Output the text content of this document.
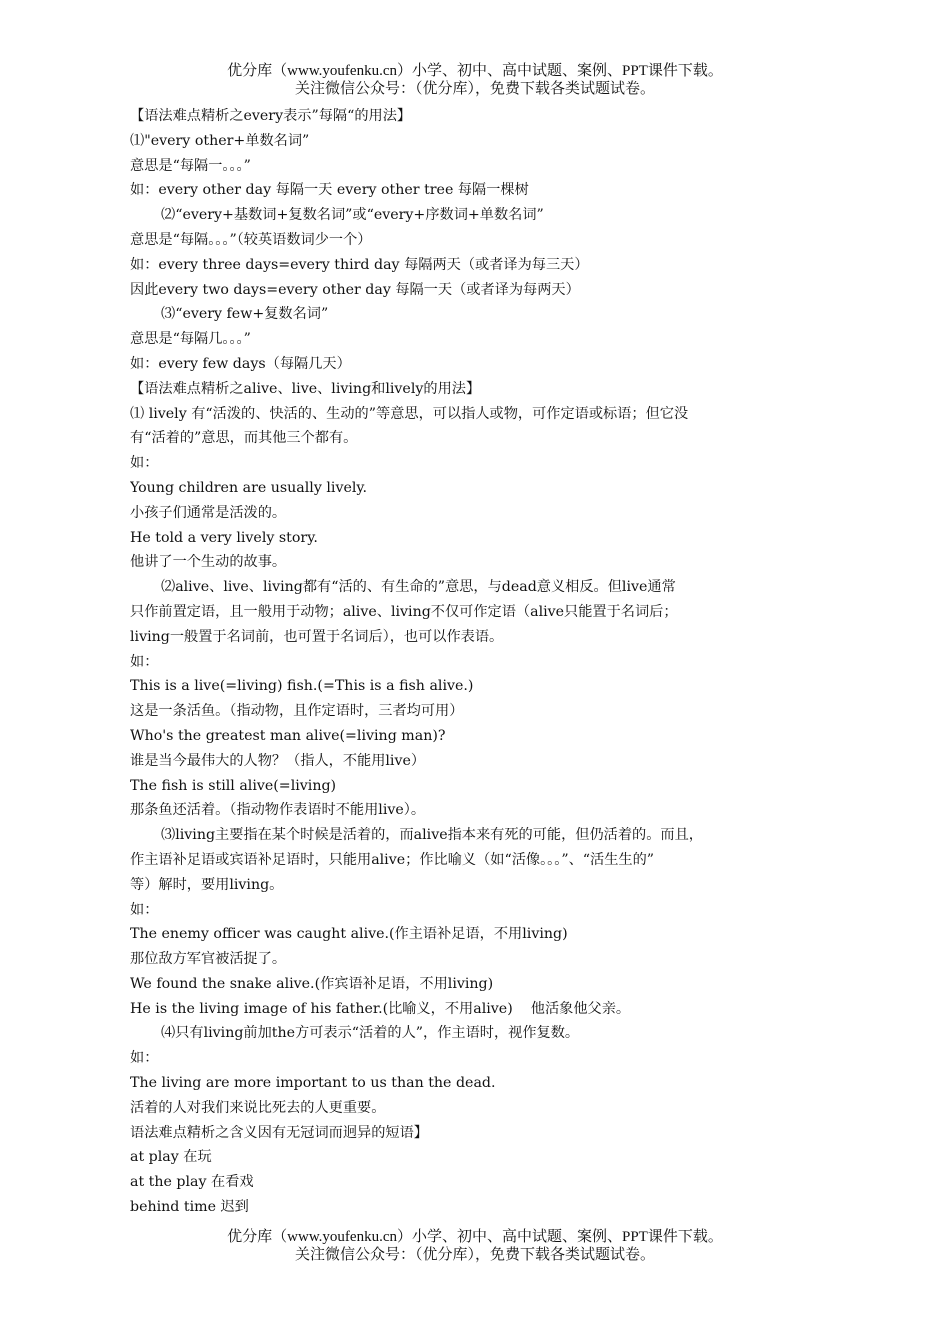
优分库（www.youfenku.cn）小学、初中、高中试题、案例、PPT课件下载。
关注微信公众号：（优分库），免费下载各类试题试卷。
【语法难点精析之every表示”每隔“的用法】
⑴"every other+单数名词”
意思是“每隔一。。。”
如：every other day 每隔一天 every other tree 每隔一棵树
⑵“every+基数词+复数名词”或“every+序数词+单数名词”
意思是“每隔。。。”（较英语数词少一个）
如：every three days=every third day 每隔两天（或者译为每三天）
因此every two days=every other day 每隔一天（或者译为每两天）
⑶“every few+复数名词”
意思是“每隔几。。。”
如：every few days（每隔几天）
【语法难点精析之alive、live、living和lively的用法】
⑴ lively 有“活泼的、快活的、生动的”等意思，可以指人或物，可作定语或标语；但它没
有“活着的”意思，而其他三个都有。
如：
Young children are usually lively.
小孩子们通常是活泼的。
He told a very lively story.
他讲了一个生动的故事。
⑵alive、live、living都有“活的、有生命的”意思，与dead意义相反。但live通常
只作前置定语，且一般用于动物；alive、living不仅可作定语（alive只能置于名词后；
living一般置于名词前，也可置于名词后），也可以作表语。
如：
This is a live(=living) fish.(=This is a fish alive.)
这是一条活鱼。（指动物，且作定语时，三者均可用）
Who's the greatest man alive(=living man)?
谁是当今最伟大的人物？（指人，不能用live）
The fish is still alive(=living)
那条鱼还活着。（指动物作表语时不能用live）。
⑶living主要指在某个时候是活着的，而alive指本来有死的可能，但仍活着的。而且，
作主语补足语或宾语补足语时，只能用alive；作比喻义（如“活像。。。”、“活生生的”
等）解时，要用living。
如：
The enemy officer was caught alive.(作主语补足语，不用living)
那位敌方军官被活捉了。
We found the snake alive.(作宾语补足语，不用living)
He is the living image of his father.(比喻义，不用alive)    他活象他父亲。
⑷只有living前加the方可表示“活着的人”，作主语时，视作复数。
如：
The living are more important to us than the dead.
活着的人对我们来说比死去的人更重要。
语法难点精析之含义因有无冠词而迥异的短语】
at play 在玩
at the play 在看戏
behind time 迟到
优分库（www.youfenku.cn）小学、初中、高中试题、案例、PPT课件下载。
关注微信公众号：（优分库），免费下载各类试题试卷。
